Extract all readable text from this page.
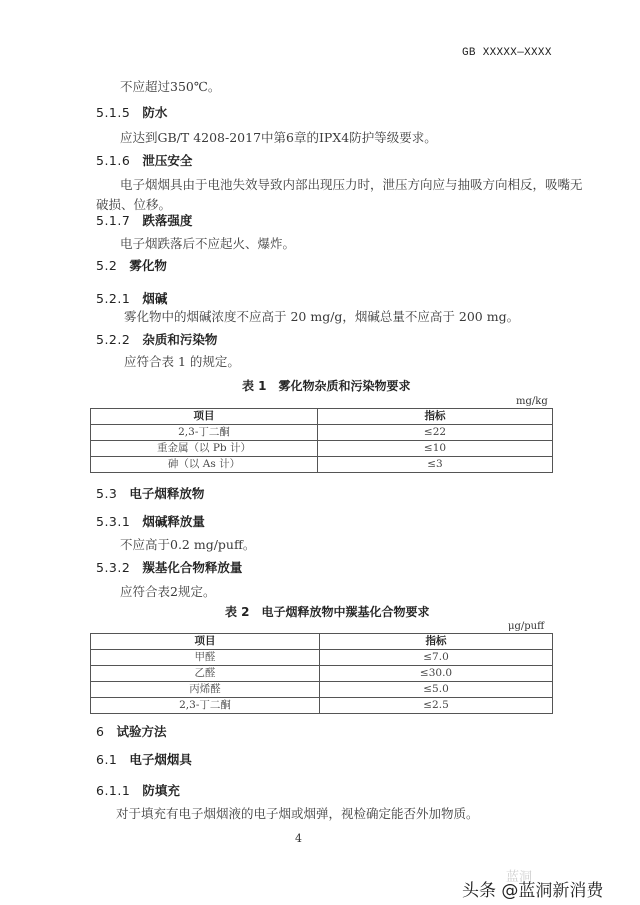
GB XXXXX—XXXX
不应超过350℃。
5.1.5 防水
应达到GB/T 4208-2017中第6章的IPX4防护等级要求。
5.1.6 泄压安全
电子烟烟具由于电池失效导致内部出现压力时，泄压方向应与抽吸方向相反，吸嘴无
破损、位移。
5.1.7 跌落强度
电子烟跌落后不应起火、爆炸。
5.2 雾化物
5.2.1 烟碱
雾化物中的烟碱浓度不应高于 20 mg/g，烟碱总量不应高于 200 mg。
5.2.2 杂质和污染物
应符合表 1 的规定。
表 1　雾化物杂质和污染物要求
mg/kg
项目	指标
2,3-丁二酮	≤22
重金属（以 Pb 计）	≤10
砷（以 As 计）	≤3
5.3 电子烟释放物
5.3.1 烟碱释放量
不应高于0.2 mg/puff。
5.3.2 羰基化合物释放量
应符合表2规定。
表 2　电子烟释放物中羰基化合物要求
μg/puff
项目	指标
甲醛	≤7.0
乙醛	≤30.0
丙烯醛	≤5.0
2,3-丁二酮	≤2.5
6 试验方法
6.1 电子烟烟具
6.1.1 防填充
对于填充有电子烟烟液的电子烟或烟弹，视检确定能否外加物质。
4
蓝洞
头条 @蓝洞新消费
